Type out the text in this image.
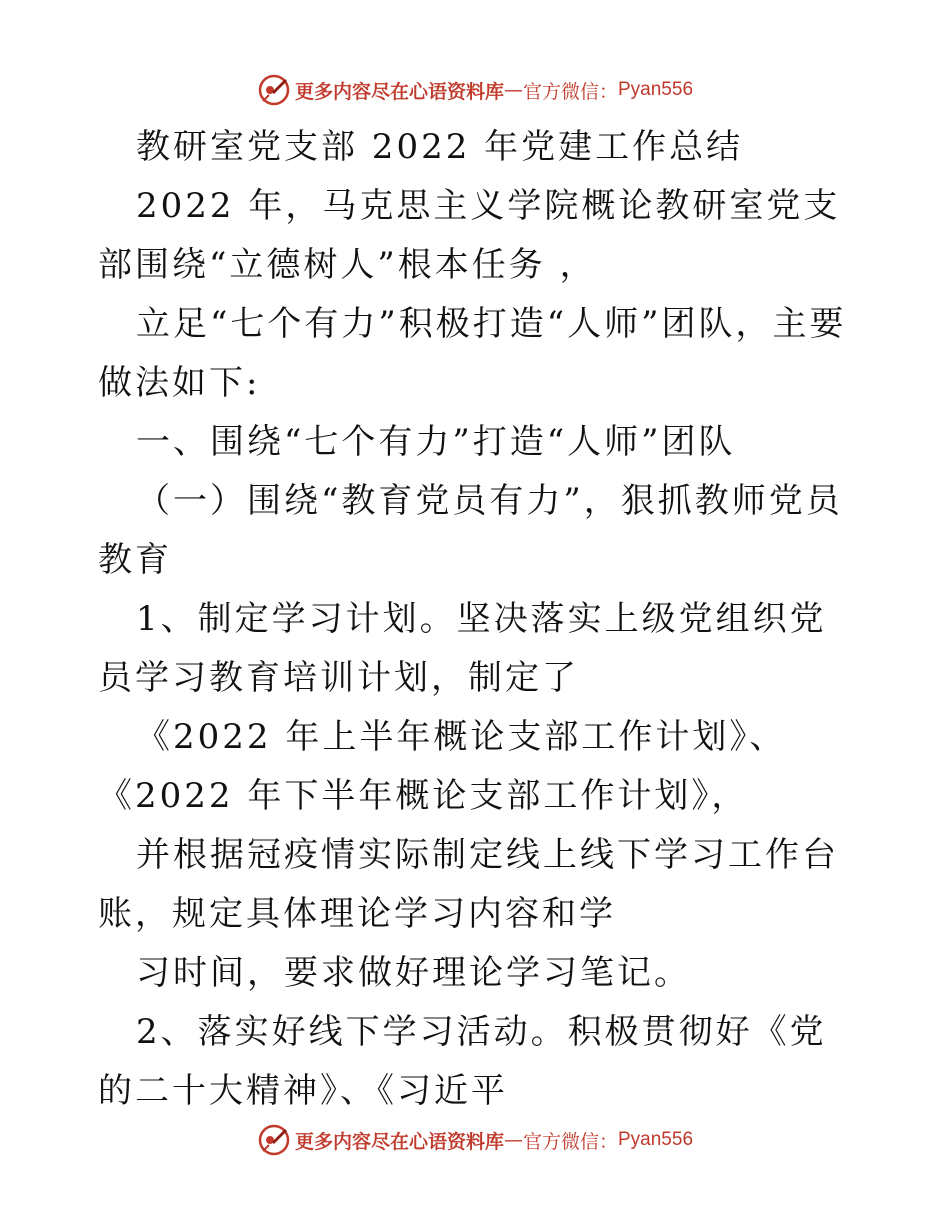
更多内容尽在心语资料库 — 官方微信： Pyan556

教研室党支部 2022 年党建工作总结

2022 年，马克思主义学院概论教研室党支部围绕“立德树人”根本任务 ，

立足“七个有力”积极打造“人师”团队，主要做法如下:

一、围绕“七个有力”打造“人师”团队

（一）围绕“教育党员有力”，狠抓教师党员教育

1、制定学习计划。坚决落实上级党组织党员学习教育培训计划，制定了

《2022 年上半年概论支部工作计划》、《2022 年下半年概论支部工作计划》，

并根据冠疫情实际制定线上线下学习工作台账，规定具体理论学习内容和学

习时间，要求做好理论学习笔记。

2、落实好线下学习活动。积极贯彻好《党的二十大精神》、《习近平

更多内容尽在心语资料库 — 官方微信： Pyan556
